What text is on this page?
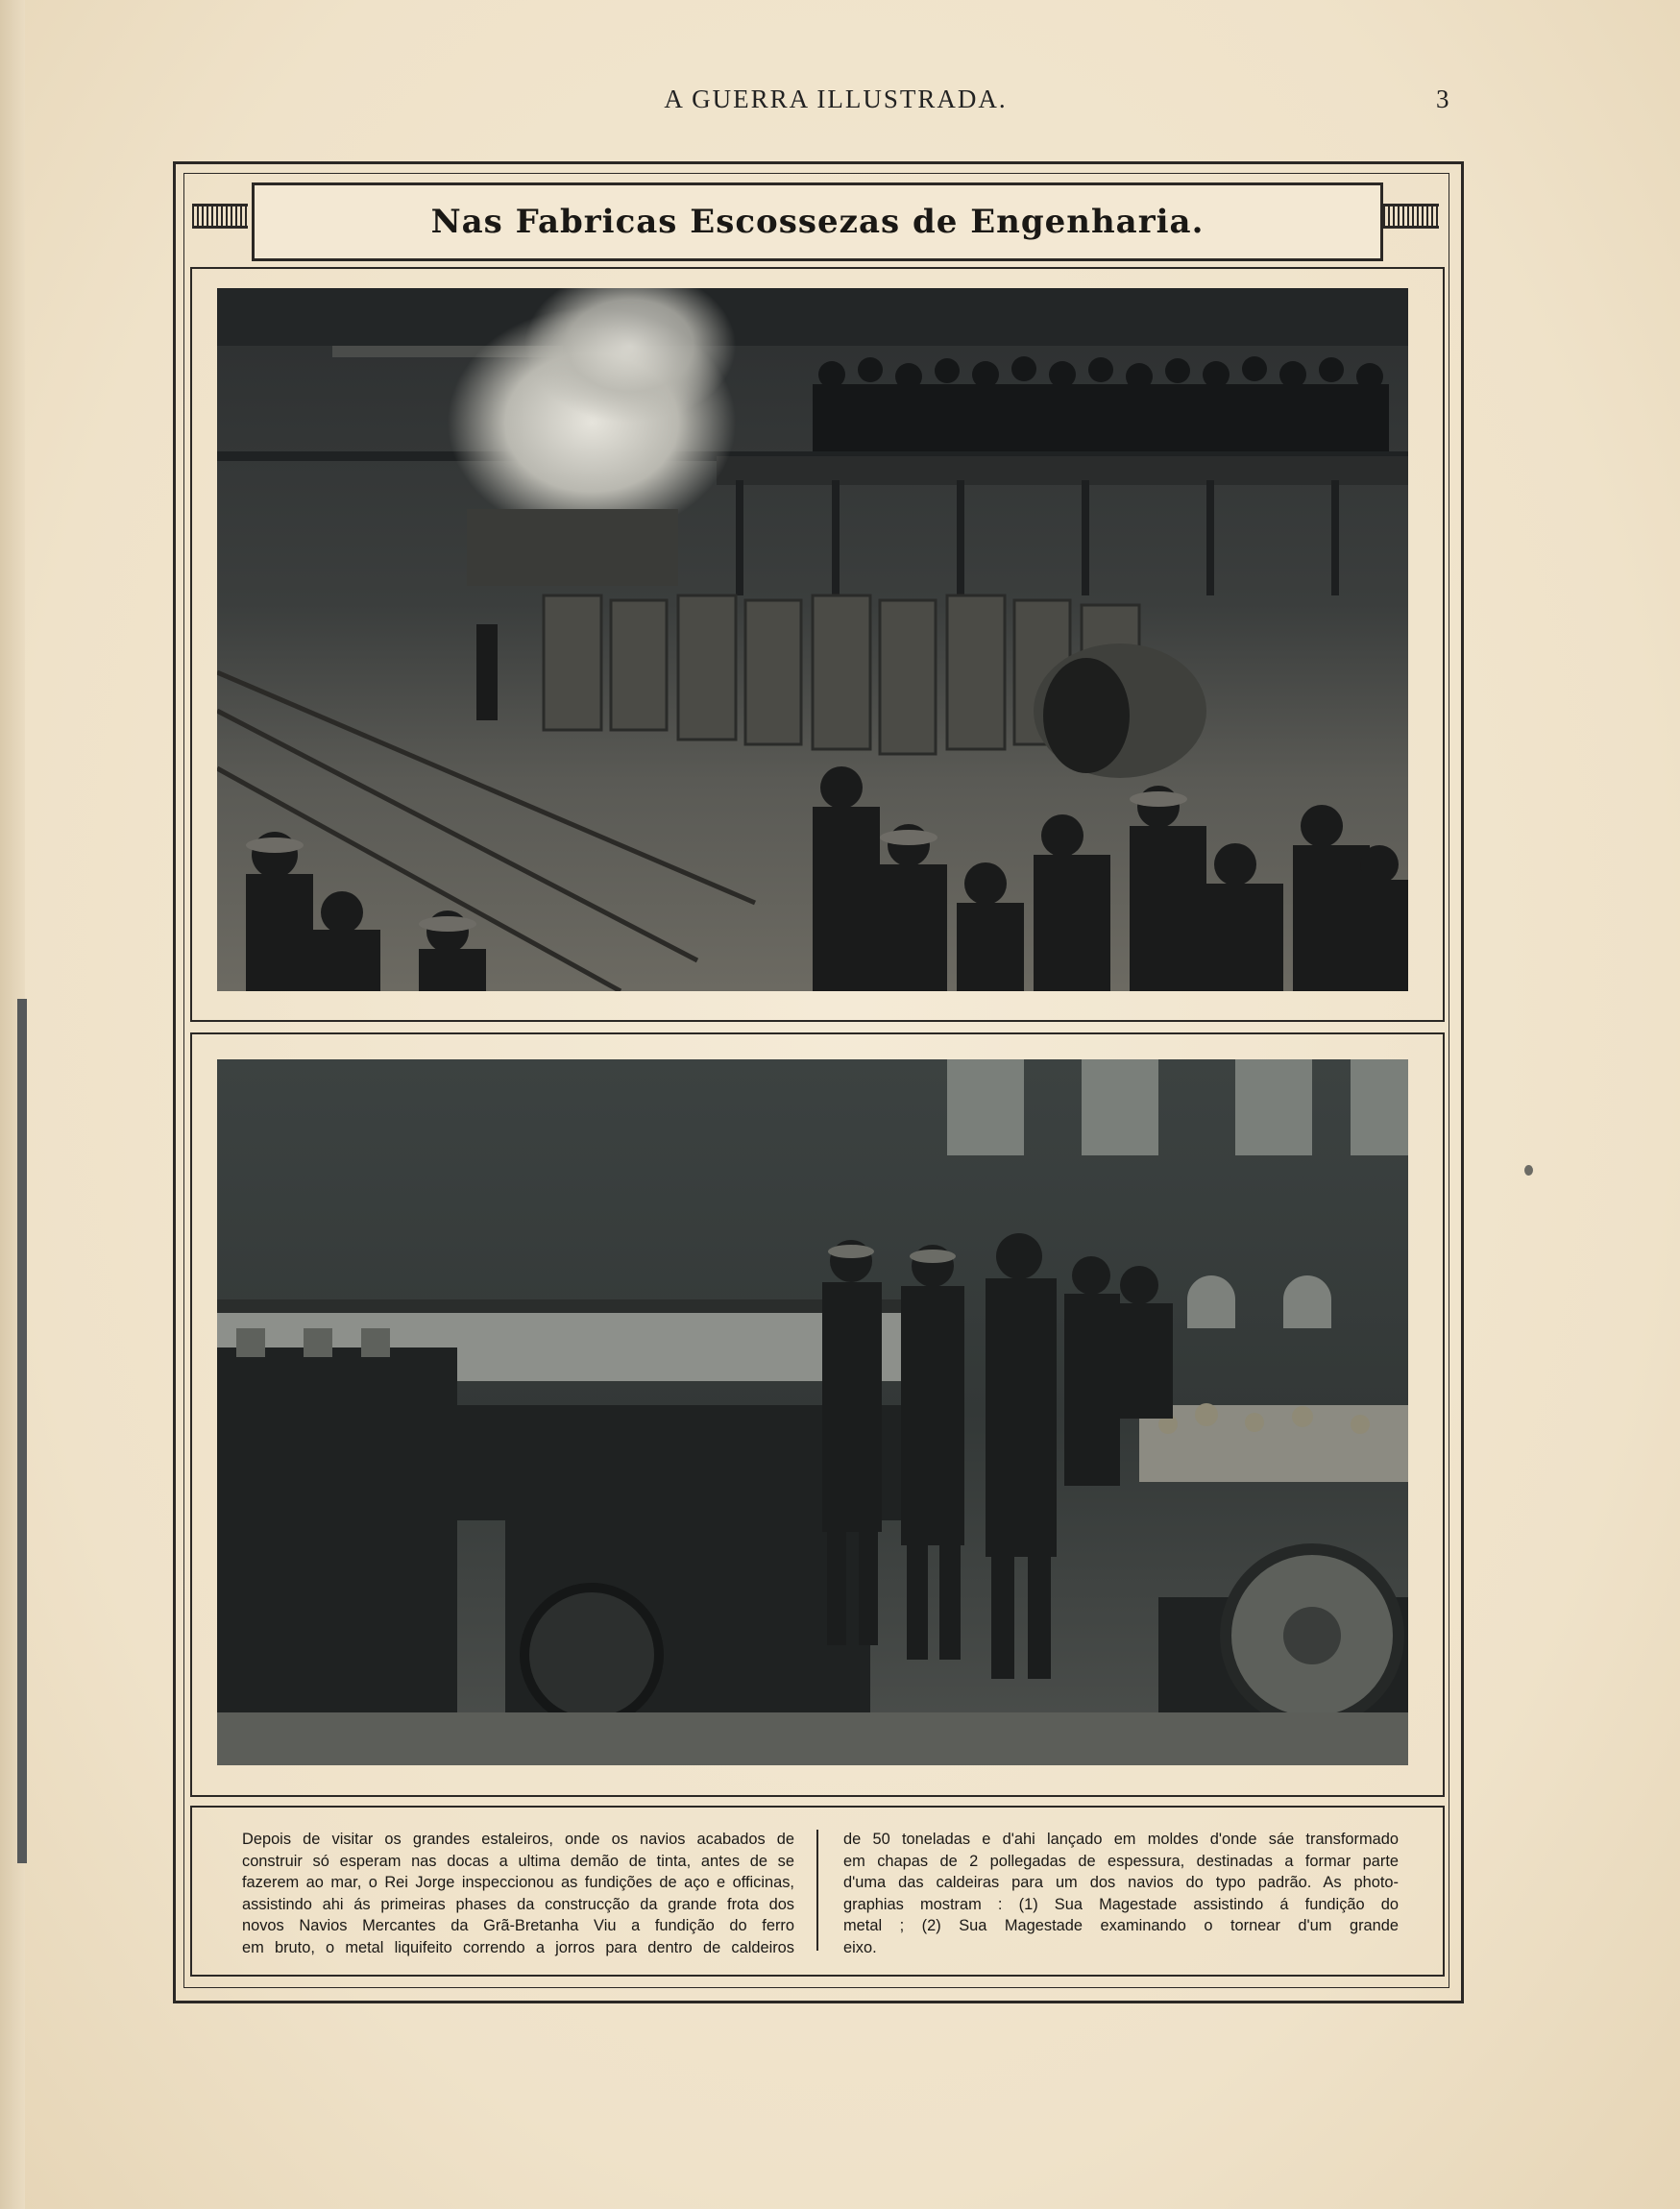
A GUERRA ILLUSTRADA.	3
Nas Fabricas Escossezas de Engenharia.
Depois de visitar os grandes estaleiros, onde os navios acabados de
construir só esperam nas docas a ultima demão de tinta, antes de se
fazerem ao mar, o Rei Jorge inspeccionou as fundições de aço e officinas,
assistindo ahi ás primeiras phases da construcção da grande frota dos
novos Navios Mercantes da Grã-Bretanha Viu a fundição do ferro
em bruto, o metal liquifeito correndo a jorros para dentro de caldeiros
de 50 toneladas e d'ahi lançado em moldes d'onde sáe transformado
em chapas de 2 pollegadas de espessura, destinadas a formar parte
d'uma das caldeiras para um dos navios do typo padrão. As photo-
graphias mostram : (1) Sua Magestade assistindo á fundição do
metal ; (2) Sua Magestade examinando o tornear d'um grande
eixo.
